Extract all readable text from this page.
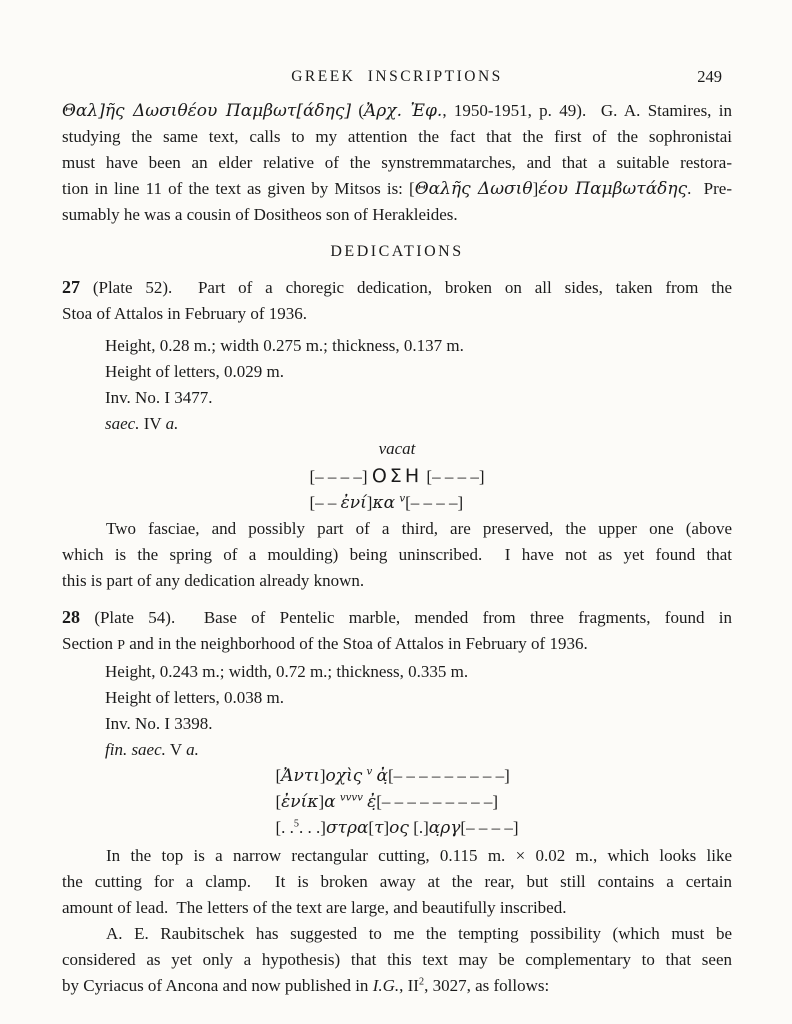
GREEK INSCRIPTIONS	249
Θαλ]ῆς Δωσιθέου Παμβωτ[άδης] (Ἀρχ. Ἐφ., 1950-1951, p. 49).  G. A. Stamires, in
studying the same text, calls to my attention the fact that the first of the sophronistai
must have been an elder relative of the synstremmatarches, and that a suitable restora-
tion in line 11 of the text as given by Mitsos is: [Θαλῆς Δωσιθ]έου Παμβωτάδης.  Pre-
sumably he was a cousin of Dositheos son of Herakleides.
DEDICATIONS
27 (Plate 52).  Part of a choregic dedication, broken on all sides, taken from the
Stoa of Attalos in February of 1936.
Height, 0.28 m.; width 0.275 m.; thickness, 0.137 m.
Height of letters, 0.029 m.
Inv. No. I 3477.
saec. IV a.
vacat
[– – – –] ΟΣΗ [– – – –]
[– – ἐνί]κα $^v$[– – – –]
Two fasciae, and possibly part of a third, are preserved, the upper one (above
which is the spring of a moulding) being uninscribed.  I have not as yet found that
this is part of any dedication already known.
28 (Plate 54).  Base of Pentelic marble, mended from three fragments, found in
Section P and in the neighborhood of the Stoa of Attalos in February of 1936.
Height, 0.243 m.; width, 0.72 m.; thickness, 0.335 m.
Height of letters, 0.038 m.
Inv. No. I 3398.
fin. saec. V a.
[Ἀντι]οχὶς $^v$ ἀ̣[– – – – – – – – –]
[ἐνίκ]α $^{vvvv}$ ἐ̣[– – – – – – – – –]
[. .$^5$. . .]στρα[τ]ος [.]α̣ργ[– – – –]
In the top is a narrow rectangular cutting, 0.115 m. × 0.02 m., which looks like
the cutting for a clamp.  It is broken away at the rear, but still contains a certain
amount of lead.  The letters of the text are large, and beautifully inscribed.
A. E. Raubitschek has suggested to me the tempting possibility (which must be
considered as yet only a hypothesis) that this text may be complementary to that seen
by Cyriacus of Ancona and now published in I.G., $II^2$, 3027, as follows:
